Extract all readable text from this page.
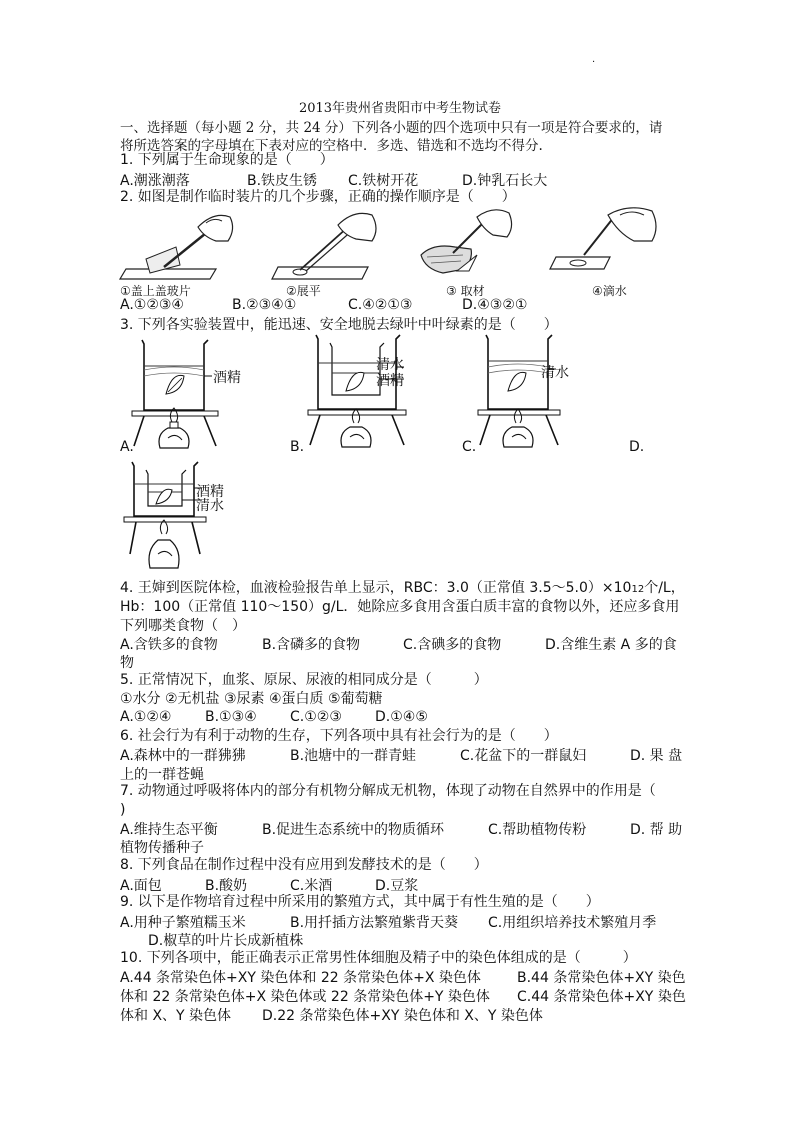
.
2013年贵州省贵阳市中考生物试卷
一、选择题（每小题 2 分，共 24 分）下列各小题的四个选项中只有一项是符合要求的，请
将所选答案的字母填在下表对应的空格中．多选、错选和不选均不得分.
1. 下列属于生命现象的是（　　）
A.潮涨潮落	B.铁皮生锈 C.铁树开花	D.钟乳石长大
2. 如图是制作临时装片的几个步骤，正确的操作顺序是（　　）
①盖上盖玻片	②展平	③ 取材	④滴水
A.①②③④	B.②③④①	C.④②①③	D.④③②①
3. 下列各实验装置中，能迅速、安全地脱去绿叶中叶绿素的是（　　）
酒精
A.
清水
酒精
B.
清水
C.	D.
酒精
清水
4. 王婶到医院体检，血液检验报告单上显示，RBC：3.0（正常值 3.5～5.0）×1012个/L，
Hb：100（正常值 110～150）g/L．她除应多食用含蛋白质丰富的食物以外，还应多食用
下列哪类食物（　）
A.含铁多的食物	B.含磷多的食物	C.含碘多的食物	D.含维生素 A 多的食
物
5. 正常情况下，血浆、原尿、尿液的相同成分是（　　　）
①水分 ②无机盐 ③尿素 ④蛋白质 ⑤葡萄糖
A.①②④ B.①③④ C.①②③ D.①④⑤
6. 社会行为有利于动物的生存，下列各项中具有社会行为的是（　　）
A.森林中的一群狒狒	B.池塘中的一群青蛙	C.花盆下的一群鼠妇	D. 果 盘
上的一群苍蝇
7. 动物通过呼吸将体内的部分有机物分解成无机物，体现了动物在自然界中的作用是（
)
A.维持生态平衡	B.促进生态系统中的物质循环	C.帮助植物传粉	D. 帮 助
植物传播种子
8. 下列食品在制作过程中没有应用到发酵技术的是（　　）
A.面包	B.酸奶	C.米酒	D.豆浆
9. 以下是作物培育过程中所采用的繁殖方式，其中属于有性生殖的是（　　）
A.用种子繁殖糯玉米	B.用扦插方法繁殖紫背天葵 C.用组织培养技术繁殖月季
D.椒草的叶片长成新植株
10. 下列各项中，能正确表示正常男性体细胞及精子中的染色体组成的是（　　　）
A.44 条常染色体+XY 染色体和 22 条常染色体+X 染色体	B.44 条常染色体+XY 染色
体和 22 条常染色体+X 染色体或 22 条常染色体+Y 染色体 C.44 条常染色体+XY 染色
体和 X、Y 染色体 D.22 条常染色体+XY 染色体和 X、Y 染色体
